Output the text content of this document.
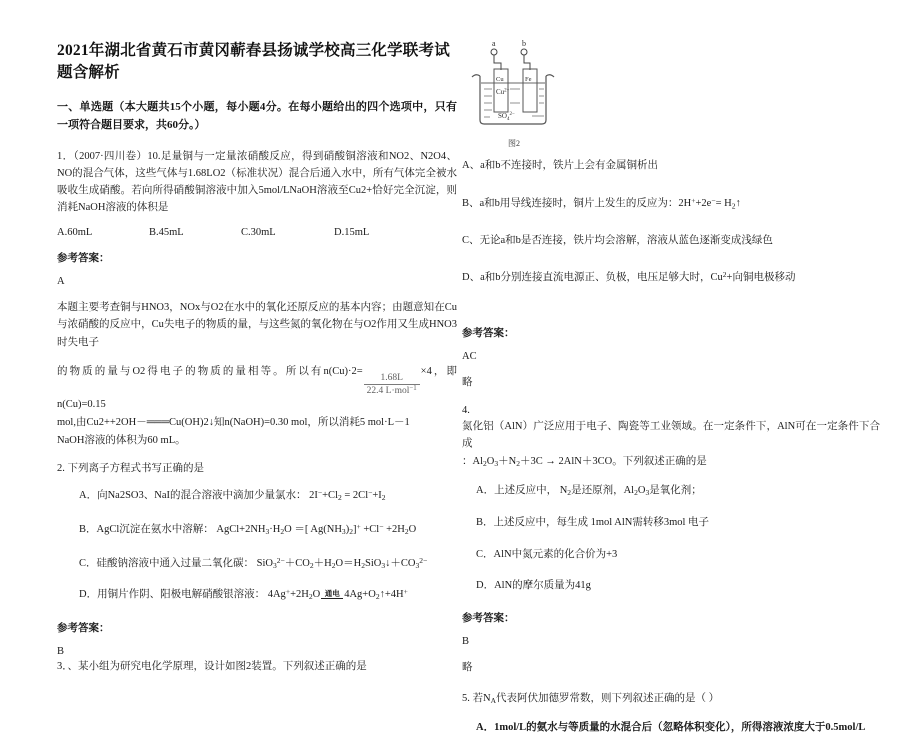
2021年湖北省黄石市黄冈蕲春县扬诚学校高三化学联考试题含解析

一、单选题（本大题共15个小题，每小题4分。在每小题给出的四个选项中，只有一项符合题目要求，共60分。）

1．（2007·四川卷）10.足量铜与一定量浓硝酸反应，得到硝酸铜溶液和NO2、N2O4、NO的混合气体，这些气体与1.68LO2（标准状况）混合后通入水中，所有气体完全被水吸收生成硝酸。若向所得硝酸铜溶液中加入5mol/LNaOH溶液至Cu2+恰好完全沉淀，则消耗NaOH溶液的体积是

A.60mL	B.45mL	C.30mL	D.15mL

参考答案：

A

本题主要考查铜与HNO3，NOx与O2在水中的氧化还原反应的基本内容；由题意知在Cu与浓硝酸的反应中，Cu失电子的物质的量，与这些氮的氧化物在与O2作用又生成HNO3时失电子

的物质的量与O2得电子的物质的量相等。所以有n(Cu)·2=
$\frac{1.68L}{22.4 L\cdot mol^{-1}}$
×4，即n(Cu)=0.15

mol,由Cu2++2OH－═══Cu(OH)2↓知n(NaOH)=0.30 mol，所以消耗5 mol·L－1

NaOH溶液的体积为60 mL。

2. 下列离子方程式书写正确的是

A．向Na2SO3、NaI的混合溶液中滴加少量氯水： $2I^-+Cl_2 = 2Cl^-+I_2$
B．AgCl沉淀在氨水中溶解： $AgCl+2NH_3\cdot H_2O$ ＝[ $Ag(NH_3)_2]^+ +Cl^- +2H_2O$
C．硅酸钠溶液中通入过量二氧化碳： $SiO_3^{2-}+CO_2+H_2O=H_2SiO_3↓+CO_3^{2-}$
D．用铜片作阴、阳极电解硝酸银溶液： $4Ag^++2H_2O$ 通电 $4Ag+O_2↑+4H^+$

参考答案：

B

3．、某小组为研究电化学原理，设计如图2装置。下列叙述正确的是

a	b
Cu	Fe
$Cu^{2+}$
$SO_4^{2-}$
图2
A、a和b不连接时，铁片上会有金属铜析出
B、a和b用导线连接时，铜片上发生的反应为：$2H^++2e^-= H_2↑$
C、无论a和b是否连接，铁片均会溶解，溶液从蓝色逐渐变成浅绿色
D、a和b分别连接直流电源正、负极，电压足够大时，$Cu^2+$向铜电极移动

参考答案：

AC

略

4.

氮化铝（AlN）广泛应用于电子、陶瓷等工业领域。在一定条件下，AlN可在一定条件下合成

：$Al_2O_3+N_2+3C \to 2AlN+3CO$。下列叙述正确的是

A．上述反应中， $N_2$是还原剂，$Al_2O_3$是氧化剂；
B．上述反应中，每生成 1mol AlN需转移3mol 电子
C．AlN中氮元素的化合价为+3
D．AlN的摩尔质量为41g

参考答案：

B

略

5. 若$N_A$代表阿伏加德罗常数，则下列叙述正确的是（ ）

A．1mol/L的氨水与等质量的水混合后（忽略体积变化），所得溶液浓度大于0.5mol/L
